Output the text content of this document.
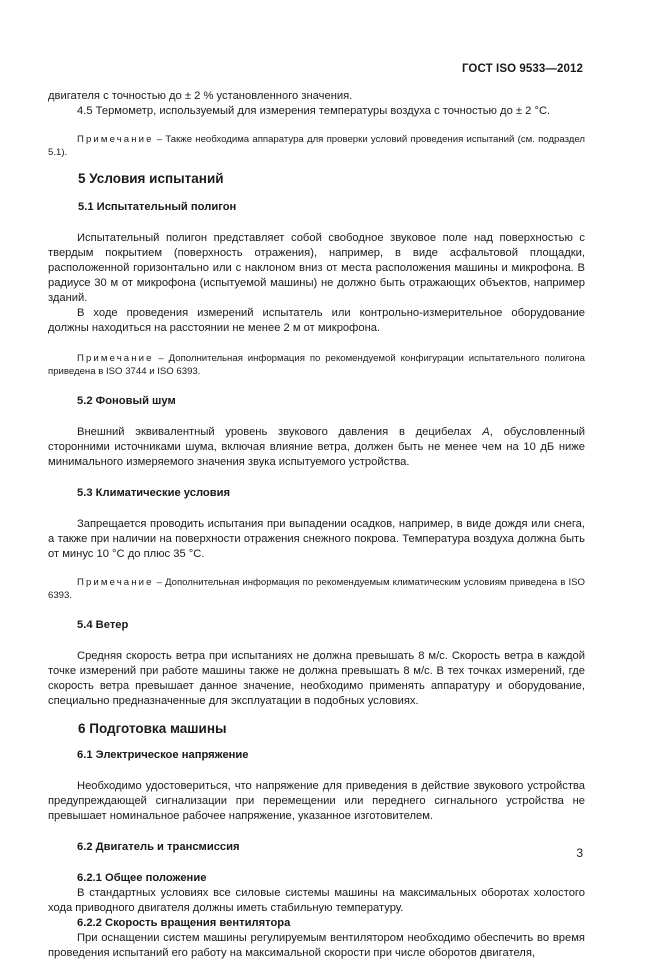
ГОСТ ISO 9533—2012

двигателя с точностью до ± 2 % установленного значения.

4.5 Термометр, используемый для измерения температуры воздуха с точностью до ± 2 °С.

Примечание – Также необходима аппаратура для проверки условий проведения испытаний (см. подраздел 5.1).

5 Условия испытаний
5.1 Испытательный полигон

Испытательный полигон представляет собой свободное звуковое поле над поверхностью с твердым покрытием (поверхность отражения), например, в виде асфальтовой площадки, расположенной горизонтально или с наклоном вниз от места расположения машины и микрофона. В радиусе 30 м от микрофона (испытуемой машины) не должно быть отражающих объектов, например зданий.

В ходе проведения измерений испытатель или контрольно-измерительное оборудование должны находиться на расстоянии не менее 2 м от микрофона.

Примечание – Дополнительная информация по рекомендуемой конфигурации испытательного полигона приведена в ISO 3744 и ISO 6393.

5.2 Фоновый шум

Внешний эквивалентный уровень звукового давления в децибелах А, обусловленный сторонними источниками шума, включая влияние ветра, должен быть не менее чем на 10 дБ ниже минимального измеряемого значения звука испытуемого устройства.

5.3 Климатические условия

Запрещается проводить испытания при выпадении осадков, например, в виде дождя или снега, а также при наличии на поверхности отражения снежного покрова. Температура воздуха должна быть от минус 10 °С до плюс 35 °С.

Примечание – Дополнительная информация по рекомендуемым климатическим условиям приведена в ISO 6393.

5.4 Ветер

Средняя скорость ветра при испытаниях не должна превышать 8 м/с. Скорость ветра в каждой точке измерений при работе машины также не должна превышать 8 м/с. В тех точках измерений, где скорость ветра превышает данное значение, необходимо применять аппаратуру и оборудование, специально предназначенные для эксплуатации в подобных условиях.

6 Подготовка машины
6.1 Электрическое напряжение

Необходимо удостовериться, что напряжение для приведения в действие звукового устройства предупреждающей сигнализации при перемещении или переднего сигнального устройства не превышает номинальное рабочее напряжение, указанное изготовителем.

6.2 Двигатель и трансмиссия
6.2.1 Общее положение

В стандартных условиях все силовые системы машины на максимальных оборотах холостого хода приводного двигателя должны иметь стабильную температуру.

6.2.2 Скорость вращения вентилятора

При оснащении систем машины регулируемым вентилятором необходимо обеспечить во время проведения испытаний его работу на максимальной скорости при числе оборотов двигателя,

3
